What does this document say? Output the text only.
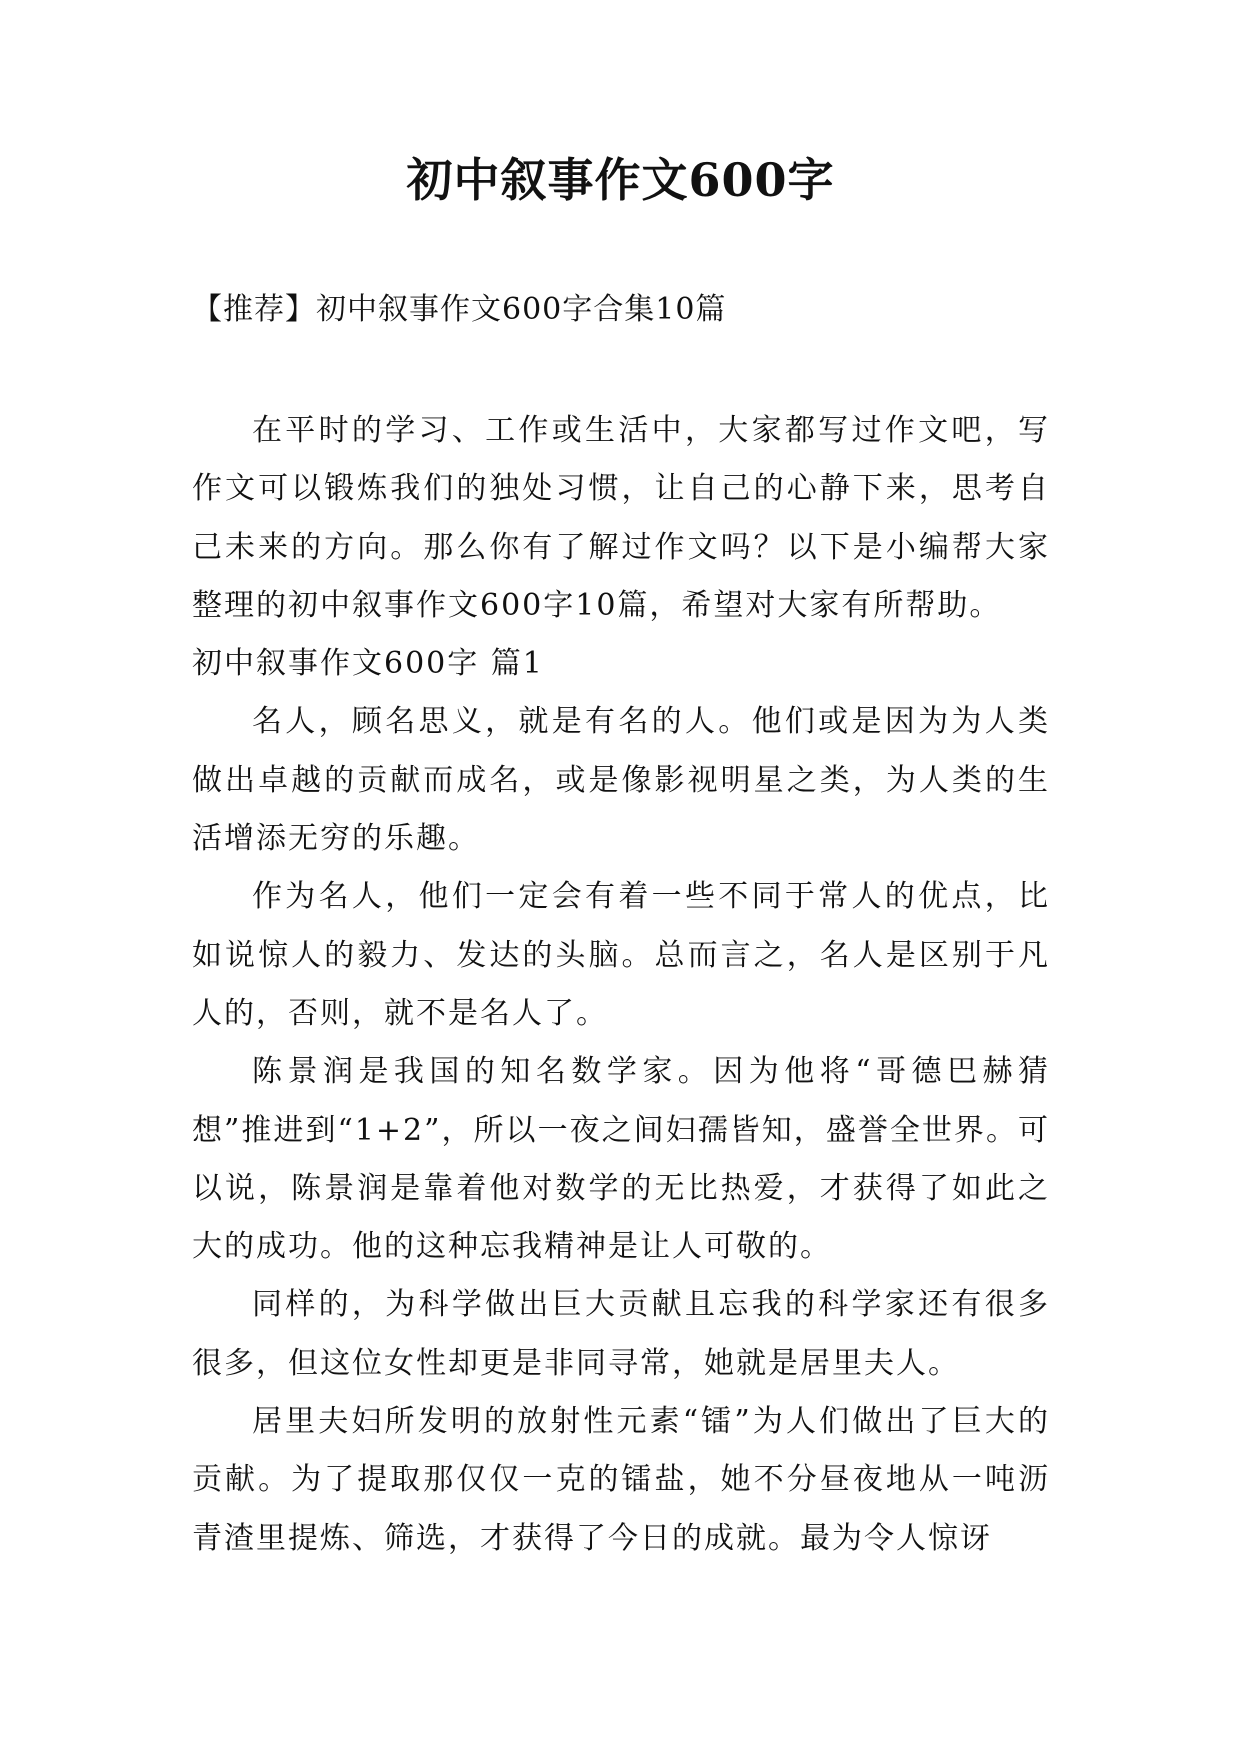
初中叙事作文600字

【推荐】初中叙事作文600字合集10篇

在平时的学习、工作或生活中，大家都写过作文吧，写作文可以锻炼我们的独处习惯，让自己的心静下来，思考自己未来的方向。那么你有了解过作文吗？以下是小编帮大家整理的初中叙事作文600字10篇，希望对大家有所帮助。

初中叙事作文600字 篇1

名人，顾名思义，就是有名的人。他们或是因为为人类做出卓越的贡献而成名，或是像影视明星之类，为人类的生活增添无穷的乐趣。

作为名人，他们一定会有着一些不同于常人的优点，比如说惊人的毅力、发达的头脑。总而言之，名人是区别于凡人的，否则，就不是名人了。

陈景润是我国的知名数学家。因为他将“哥德巴赫猜想”推进到“1+2”，所以一夜之间妇孺皆知，盛誉全世界。可以说，陈景润是靠着他对数学的无比热爱，才获得了如此之大的成功。他的这种忘我精神是让人可敬的。

同样的，为科学做出巨大贡献且忘我的科学家还有很多很多，但这位女性却更是非同寻常，她就是居里夫人。

居里夫妇所发明的放射性元素“镭”为人们做出了巨大的贡献。为了提取那仅仅一克的镭盐，她不分昼夜地从一吨沥青渣里提炼、筛选，才获得了今日的成就。最为令人惊讶
